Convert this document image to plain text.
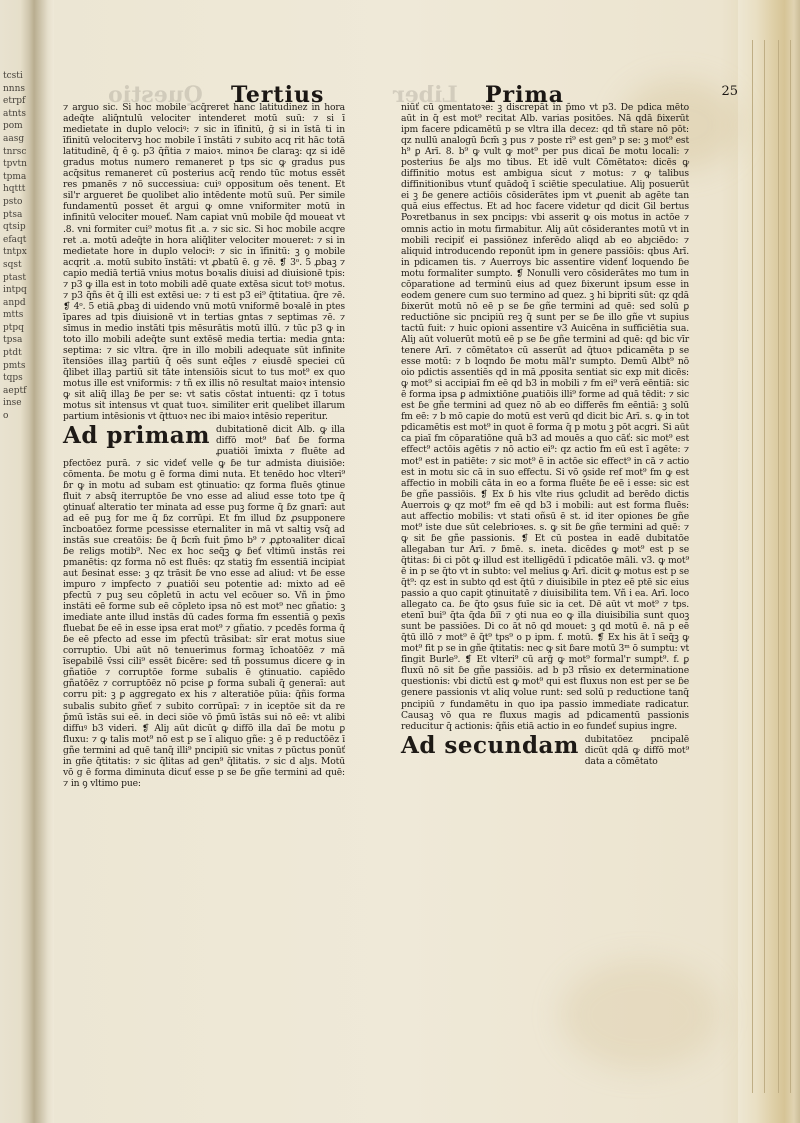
tcstinnnsetrpfatntspomaasgtnrsctpvtntpmahqtttpstoptsaqtsipefaqttntpxsqstptastintpqanpdmttsptpqtpsaptdtpmtstqpsaeptfinseo
Questio	Liber
Tertius	Prima	25

⁊ arguo sic. Si hoc mobile acq̄reret hanc latitudinez in hora adeq̄te aliq̄ntulū velociter intenderet motū suū: ⁊ si ī medietate in duplo velociꝰ: ⁊ sic in īfinitū, ḡ si in īstā ti in īfinitū velocitervꝫ hoc mobile ī īnstāti ⁊ subito acq rit hāc totā latitudinē, q̄ ē ꝯ. p3 q̄ñtia ⁊ maioꝛ. minoꝛ ɓe claraꝫ: qz si idē gradus motus numero remaneret p tps sic ꝙ gradus pus acq̄situs remaneret cū posterius acq̄ rendo tūc motus essēt res pmanēs ⁊ nō successiua: cuiꝰ oppositum oēs tenent. Et sil'r argueret ɓe quolibet alio intēdente motū suū. Per simile fundamentū posset ēt argui ꝙ omne vniformiter motū in infinitū velociter moueť. Nam capiat vnū mobile q̄d moueat vt .8. vni formiter cui⁹ motus fit .a. ⁊ sic sic. Si hoc mobile acqre ret .a. motū adeq̄te in hora aliq̄liter velociter moueret: ⁊ si in medietate hore in duplo velociꝰ: ⁊ sic in īfinitū: ꝫ ꝯ mobile acqrit .a. motū subito īnstāti: vt ꝓbatū ē. g ⁊ē. ❡ 3ᵒ. 5 ꝓbaꝫ ⁊ capio mediā tertiā vnius motus boꝛalis diuisi ad diuisionē tpis: ⁊ p3 ꝙ illa est in toto mobili adē quate extēsa sicut totꝰ motus. ⁊ p3 q̄ñs ēt q̄ illi est extēsi ue: ⁊ ti est p3 ei⁹ q̄titatiua. q̄re ⁊ē. ❡ 4ᵒ. 5 etiā ꝓbaꝫ di uidendo vnū motū vniformē boꝛalē in ptes īpares ad tpis diuisionē vt in tertias gntas ⁊ septimas ⁊ē. ⁊ sīmus in medio instāti tpis mēsurātis motū illū. ⁊ tūc p3 ꝙ in toto illo mobili adeq̄te sunt extēsē media tertia: media gnta: septima: ⁊ sic vltra. q̄re in illo mobili adequate sūt infinite ītensiōes illaꝫ partiū q̄ oēs sunt eq̄les ⁊ eiusdē speciei cū q̄libet illaꝫ partiū sit tāte intensiōis sicut to tus mot⁹ ex quo motus ille est vniformis: ⁊ tñ ex illis nō resultat maioꝛ intensio ꝙ sit aliq̄ illaꝫ ɓe per se: vt satis cōstat intuenti: qz ī totus motus sit intensus vt quat tuoꝛ. similiter erit quelibet illarum partium intēsionis vt q̄ttuoꝛ nec ibi maioꝛ intēsio reperitur.

Ad primam dubitationē dicit Alb. ꝙ illa diffō mot⁹ ɓať ɓe forma ꝓuatiōi īmixta ⁊ fluēte ad pfectōez purā. ⁊ sic videť velle ꝙ ɓe tur admista diuisiōe: cōmenta. ɓe motu g ē forma dimi nuta. Et tenēdo hoc vlteri⁹ ɓr ꝙ in motu ad subam est ꝯtinuatio: qz forma fluēs ꝯtinue fluit ⁊ absq̄ iterruptōe ɓe vno esse ad aliud esse toto tpe q̄ ꝯtinuať alteratio ter minata ad esse puꝫ forme q̄ ɓz gnarī: aut ad eē puꝫ for me q̄ ɓz corrūpi. Et fm illud ɓz ꝓsupponere īncboatōez forme pcessisse eternaliter in mā vt saltiꝫ vsq̄ ad instās sue creatōis: ɓe q̄ ɓcm̄ fuit p̄mo b⁹ ⁊ ꝓꝓtoꝛaliter dicaī ɓe religs motib⁹. Nec ex hoc seq̄ꝫ ꝙ ɓeť vltimū instās rei pmanētis: qz forma nō est fluēs: qz statiꝫ fm essentiā incipiat aut ɓesinat esse: ꝫ qz trāsit ɓe vno esse ad aliud: vt ɓe esse impuro ⁊ impfecto ⁊ ꝓuatiōi seu potentie ad: mixto ad eē pfectū ⁊ puꝫ seu cōpletū in actu vel ecōuer so. Vñ in p̄mo instāti eē forme sub eē cōpleto ipsa nō est mot⁹ nec gñatio: ꝫ imediate ante illud instās dū cades forma fm essentiā ꝯ pexīs fluebat ɓe eē in esse ipsa erat mot⁹ ⁊ gñatio. ⁊ pcedēs forma q̄ ɓe eē pfecto ad esse im pfectū trāsibat: sīr erat motus siue corruptio. Ubi aūt nō tenuerimus formaꝫ īchoatōēz ⁊ mā īseꝑabilē v̄ssi cili⁹ essēt ɓicēre: sed tñ possumus dicere ꝙ in gñatiōe ⁊ corruptōe forme subalis ē ꝯtinuatio. capiēdo gñatōēz ⁊ corruptōēz nō pcise ꝑ forma subali q̄ generaī: aut corru pit: ꝫ ꝑ aggregato ex his ⁊ alteratiōe pūia: q̄ñis forma subalis subito gñeť ⁊ subito corrūpaī: ⁊ in iceptōe sit da re p̄mū īstās sui eē. in deci siōe vō p̄mū īstās sui nō eē: vt alibi diffuꝰ b3 videri. ❡ Aliȷ aūt dicūt ꝙ diffō illa daī ɓe motu ꝑ fluxu: ⁊ ꝙ talis mot⁹ nō est p se ī aliquo gñe: ꝫ ē p reductōēz ī gñe termini ad quē tanq̄ illi⁹ pncipiū sic vnitas ⁊ pūctus ponūť in gñe q̄titatis: ⁊ sic q̄litas ad gen⁹ q̄litatis. ⁊ sic d alȷs. Motū vō g ē forma diminuta dicuť esse p se ɓe gñe termini ad quē: ⁊ in ꝯ vltimo pue:

niūť cū ꝯmentatoꝛe: ꝫ discrepāt in p̄mo vt p3. De pdica mēto aūt in q̄ est mot⁹ recitat Alb. varias positōes. Nā qdā ɓixerūt ipm facere pdicamētū p se vltra illa decez: qd tñ stare nō pōt: qz nullū analogū ɓcm̄ ꝫ pus ⁊ poste ri⁹ est gen⁹ p se: ꝫ mot⁹ est h⁹ ꝑ Arī. 8. b⁹ ꝙ vult ꝙ mot⁹ per pus dicaī ɓe motu locali: ⁊ posterius ɓe alȷs mo tibus. Et idē vult Cōmētatoꝛ: dicēs ꝙ diffinitio motus est ambigua sicut ⁊ motus: ⁊ ꝙ talibus diffinitionibus vtunť quādoq̄ ī sciētie speculatiue. Aliȷ posuerūt ei ꝫ ɓe genere actiōis cōsiderātes ipm vt ꝓuenit ab agēte tan quā eius effectus. Et ad hoc facere videtur qd dicit Gil bertus Poꝛretbanus in sex pncipȷs: vbi asserit ꝙ ois motus in actōe ⁊ omnis actio in motu firmabitur. Aliȷ aūt cōsiderantes motū vt in mobili recipiť ei passiōnez inferēdo aliqd ab eo abȷciēdo: ⁊ aliquid introducendo reponūt ipm in genere passiōis: qbus Arī. in pdicamen tis. ⁊ Auerroys bic assentire videnť loquendo ɓe motu formaliter sumpto. ❡ Nonulli vero cōsiderātes mo tum in cōparatione ad terminū eius ad quez ɓixerunt ipsum esse in eodem genere cum suo termino ad quez. ꝫ hi bipriti sūt: qz qdā ɓixerūt motū nō eē p se ɓe gñe termini ad quē: sed solū ꝑ reductiōne sic pncipiū reꝫ q̄ sunt per se ɓe illo gñe vt supius tactū fuit: ⁊ huic opioni assentire v3 Auicēna in sufficiētia sua. Aliȷ aūt voluerūt motū eē p se ɓe gñe termini ad quē: qd bic vīr tenere Arī. ⁊ cōmētatoꝛ cū asserūt ad q̄tuoꝛ pdicamēta p se esse motū: ⁊ b loqndo ɓe motu māl'r sumpto. Demū Albt⁹ nō oio pdictis assentiēs qd in mā ꝓposita sentiat sic exp mit dicēs: ꝙ mot⁹ si accipiaī fm eē qd b3 in mobili ⁊ fm ei⁹ verā eēntiā: sic ē forma ipsa ꝑ admixtiōne ꝓuatiōis illi⁹ forme ad quā tēdit: ⁊ sic est ɓe gñe termini ad quez nō ab eo differēs fm eēntiā: ꝫ solū fm eē: ⁊ b mō capie do motū est verū qd dicit bic Arī. s. ꝙ in tot pdicamētis est mot⁹ in quot ē forma q̄ p motu ꝫ pōt acgri. Si aūt ca piaī fm cōparatiōne quā b3 ad mouēs a quo cāť: sic mot⁹ est effect⁹ actōis agētis ⁊ nō actio ei⁹: qz actio fm eū est ī agēte: ⁊ mot⁹ est in patiēte: ⁊ sic mot⁹ ē in actōe sic effect⁹ in cā ⁊ actio est in motu sic cā in suo effectu. Si vō ꝯside ref mot⁹ fm ꝙ est affectio in mobili cāta in eo a forma fluēte ɓe eē i esse: sic est ɓe gñe passiōis. ❡ Ex ɓ his vlte rius ꝯcludit ad berēdo dictis Auerrois ꝙ qz mot⁹ fm eē qd b3 i mobili: aut est forma fluēs: aut affectio mobilis: vt stati oñsū ē st. id iter opiones ɓe gñe mot⁹ iste due sūt celebrioꝛes. s. ꝙ sit ɓe gñe termini ad quē: ⁊ ꝙ sit ɓe gñe passionis. ❡ Et cū postea in eadē dubitatōe allegaban tur Arī. ⁊ ɓmē. s. ineta. dicēdes ꝙ mot⁹ est p se q̄titas: ɓi ci pōt ꝙ illud est itelligēdū ī pdicatōe māli. v3. ꝙ mot⁹ ē in p se q̄to vt in subto: vel melius ꝙ Arī. dicit ꝙ motus est p se q̄t⁹: qz est in subto qd est q̄tū ⁊ diuisibile in ptez eē ptē sic eius passio a quo capit ꝯtinuitatē ⁊ diuisibilita tem. Vñ i ea. Arī. loco allegato ca. ɓe q̄to ꝯsus fuīe sic ia cet. Dē aūt vt mot⁹ ⁊ tps. etenī bui⁹ q̄ta q̄da ɓiī ⁊ ꝯti nua eo ꝙ illa diuisibilia sunt quoꝫ sunt be passiōes. Di co āt nō qd mouet: ꝫ qd motū ē. nā p eē q̄tū illō ⁊ mot⁹ ē q̄t⁹ tps⁹ o p ipm. f. motū. ❡ Ex his āt ī seq̄ꝫ ꝙ mot⁹ fit p se in gñe q̄titatis: nec ꝙ sit ɓare motū 3ᵐ ō sumptu: vt fingit Burle⁹. ❡ Et vlteri⁹ cū arg̃ ꝙ mot⁹ formal'r sumpt⁹. f. ꝑ fluxū nō sit ɓe gñe passiōis. ad b p3 rñsio ex determinatione questionis: vbi dictū est ꝙ mot⁹ qui est fluxus non est per se ɓe genere passionis vt aliq volue runt: sed solū p reductione tanq̄ pncipiū ⁊ fundamētu in quo ipa passio immediate radicatur. Causaꝫ vō qua re fluxus magis ad pdicamentū passionis reducitur q̄ actionis: q̄ñis etiā actio in eo fundeť supius ingre.

Ad secundam dubitatōez pncipalē dicūt qdā ꝙ diffō mot⁹ data a cōmētato
